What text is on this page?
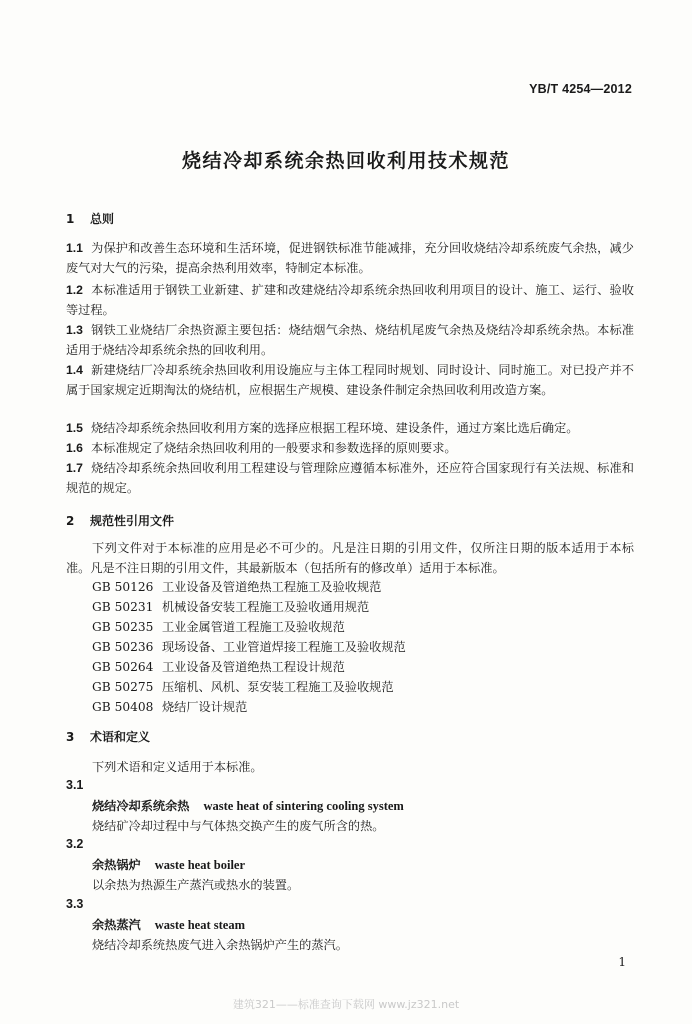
YB/T 4254—2012
烧结冷却系统余热回收利用技术规范
1 总则
1.1 为保护和改善生态环境和生活环境，促进钢铁标准节能减排，充分回收烧结冷却系统废气余热，减少废气对大气的污染，提高余热利用效率，特制定本标准。
1.2 本标准适用于钢铁工业新建、扩建和改建烧结冷却系统余热回收利用项目的设计、施工、运行、验收等过程。
1.3 钢铁工业烧结厂余热资源主要包括：烧结烟气余热、烧结机尾废气余热及烧结冷却系统余热。本标准适用于烧结冷却系统余热的回收利用。
1.4 新建烧结厂冷却系统余热回收利用设施应与主体工程同时规划、同时设计、同时施工。对已投产并不属于国家规定近期淘汰的烧结机，应根据生产规模、建设条件制定余热回收利用改造方案。
1.5 烧结冷却系统余热回收利用方案的选择应根据工程环境、建设条件，通过方案比选后确定。
1.6 本标准规定了烧结余热回收利用的一般要求和参数选择的原则要求。
1.7 烧结冷却系统余热回收利用工程建设与管理除应遵循本标准外，还应符合国家现行有关法规、标准和规范的规定。
2 规范性引用文件
下列文件对于本标准的应用是必不可少的。凡是注日期的引用文件，仅所注日期的版本适用于本标准。凡是不注日期的引用文件，其最新版本（包括所有的修改单）适用于本标准。
GB 50126 工业设备及管道绝热工程施工及验收规范
GB 50231 机械设备安装工程施工及验收通用规范
GB 50235 工业金属管道工程施工及验收规范
GB 50236 现场设备、工业管道焊接工程施工及验收规范
GB 50264 工业设备及管道绝热工程设计规范
GB 50275 压缩机、风机、泵安装工程施工及验收规范
GB 50408 烧结厂设计规范
3 术语和定义
下列术语和定义适用于本标准。
3.1
烧结冷却系统余热 waste heat of sintering cooling system
烧结矿冷却过程中与气体热交换产生的废气所含的热。
3.2
余热锅炉 waste heat boiler
以余热为热源生产蒸汽或热水的装置。
3.3
余热蒸汽 waste heat steam
烧结冷却系统热废气进入余热锅炉产生的蒸汽。
1
建筑321——标准查询下载网 www.jz321.net
